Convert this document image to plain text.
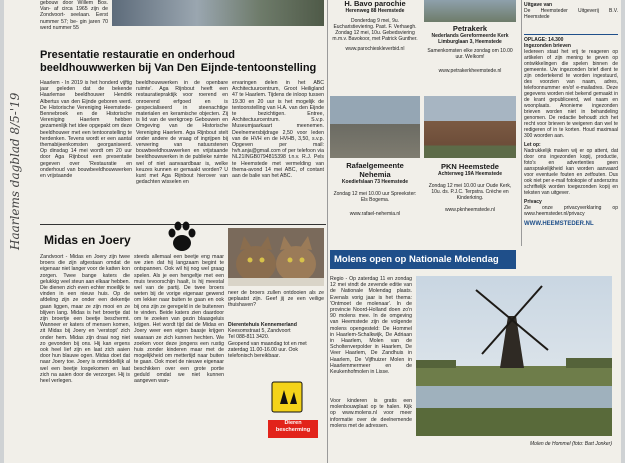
Haarlems dagblad 8/5-'19
gebouw door Willem Bos. Van- af circa 1965 zijn de Zondvoort- seelaan. Eerst nummer 57; be- gin jaren 70 werd nummer 55
H. Bavo parochie
Herenweg 88 Heemstede
Donderdag 9 mei, 9u. Eucharistieviering. Past. F. Verhaegh. Zondag 12 mei, 10u. Gebedsviering m.m.v. Bavokoor, met Patrick Gunther.
www.parochieskleverbid.nl
Petrakerk
Nederlands Gereformeerde Kerk Limburglaan 3, Heemstede
Samenkomsten elke zondag om 10.00 uur. Welkom!
www.petrakerkheemstede.nl
Presentatie restauratie en onderhoud beeldhouwwerken bij Van Den Eijnde-tentoonstelling
Haarlem - In 2019 is het honderd vijftig jaar geleden dat de bekende Haarlemse beeldhouwer Hendrik Albertus van den Eijnde geboren werd. De Historische Vereniging Heemstede-Bennebroek en de Historische Vereniging Haerlem hebben gezamenlijk het idee opgepakt om deze beeldhouwer met een tentoonstelling te herdenken. Tevens wordt er een aantal themabijeenkomsten georganiseerd. Op dinsdag 14 mei wordt om 20 uur door Aga Rijnbout een presentatie gegeven over 'Restauratie en onderhoud van bouwbeeldhouwwerken en vrijstaande
beeldhouwwerken in de openbare ruimte'. Aga Rijnbout heeft een restauratiepraktijk voor roerend en onroerend erfgoed en is gespecialiseerd in steenachtige materialen en keramische objecten. Zij is lid van de werkgroep Gebouwen en Omgeving van de Historische Vereniging Haerlem. Aga Rijnbout stelt onder andere de vraag of ingrijpen bij verwering van natuurstenen bouwbeeldhouwwerken en vrijstaande beeldhouwwerken in de publieke ruimte wel of niet aanvaardbaar is, welke keuzes kunnen er gemaakt worden? U kunt met Aga Rijnbout hierover van gedachten wisselen en
ervaringen delen in het ABC Architectuurcentrum, Groot Heiligland 47 te Haarlem. Tijdens de inloop tussen 19.30 en 20 uur is het mogelijk de tentoonstelling van H.A. van den Eijnde te bezichtigen. Entree, Architectuurcentrum. S.v.p. Museumjaarkaart meenemen. Deelnemersbijdrage 2,50 voor leden van de HVH en de HVHB, 3,50, s.v.p. Opgeven per mail: hvh.anja@gmail.com of per telefoon via NL21INGB0794815398 t.n.v. R.J. Pels te Heemstede met vermelding van thema-avond 14 mei ABC, of contant aan de balie van het ABC.
Midas en Joery
Zandvoort - Midas en Joery zijn twee broers die zijn afgestaan omdat de eigenaar niet langer voor de katten kon zorgen. Twee bange katers die gelukkig veel steun aan elkaar hebben. Die dienen zich even echter moeilijk te vinden in een nieuw huis. Op de afdeling zijn ze onder een dekentje gaan liggen, maar ze zijn mooi en ze blijven lang. Midas is het broertje dat zijn broertje een beetje beschermt. Wanneer er katers of mensen komen, zit Midas bij Joery en 'verstopt' zich onder hem. Midas zijn draai nog niet zo gevonden bij ons. Hij kan ergens ook heel lief zijn en laat zich aaien door hun blauwe ogen. Midas doet dat naar Joery toe. Joery is onmiddellijk al wel een beetje losgekomen en laat zich na aaien door de verzorger. Hij is heel verlegen.
steeds allemaal een beetje eng maar we zien dat hij langzaam begint te ontspannen. Ook wil hij nog wel graag spelen. Als je een hengeltje met een muis tevoorschijn haalt, is hij meestal wel van de partij. De twee broers weten bij de vorige eigenaar gewend om lekker naar buiten te gaan en ook bij ons zijn ze geregeld in de buitenren te vinden. Beide katers zien daardoor om te zoeken van gezin blaasgeluis krijgen. Het wordt tijd dat de Midas en Joery weer een eigen baasje krijgen waaraan ze zich kunnen hechten. We zoeken voor deze jongens een rustig huis zonder kinderen maar met de mogelijkheid om mettertijd naar buiten te gaan. Ook moet de nieuwe eigenaar beschikken over een grote portie geduld omdat we niet kunnen aangeven wan-
neer de broers zullen ontdooien als ze geplaatst zijn. Geef jij ze een veilige thuishaven?
Dierentehuis Kennemerland
Keesomstraat 5, Zandvoort
Tel 088-811 3420.
Geopend van maandag tot en met zaterdag 11.00-16.00 uur. Ook telefonisch bereikbaar.
Dieren bescherming
Rafaelgemeente Nehemia
Koediefslaan 73 Heemstede
Zondag 12 mei 10.00 uur Spreekster: Els Bogema.
www.rafael-nehemia.nl
PKN Heemstede
Achterweg 19A Heemstede
Zondag 12 mei 10.00 uur Oude Kerk, 10u. ds. P.J.C. Terpstra. Crèche en Kinderkring.
www.pknheemstede.nl
Molens open op Nationale Molendag
Regio - Op zaterdag 11 en zondag 12 mei vindt de zevende editie van de Nationale Molendag plaats. Evenals vorig jaar is het thema: 'Ontmoet de molenaar'. In de provincie Noord-Holland doen zo'n 90 molens mee. In de omgeving van Heemstede zijn de volgende molens opengesteld: De Hommel in Haarlem-Schalkwijk, De Adriaan in Haarlem, Molen van de Scholtenverpolder in Haarlem, De Veer Haarlem, De Zandhuis in Haarlem, De Vijfhuizer Molen in Haarlemmermeer en de Keukenhofmolen in Lisse.
Voor kinderen is gratis een molenbouwplaat op te halen. Kijk op www.molens.nl voor meer informatie over de deelnemende molens met de adressen.
Molen de Hommel (foto: Bart Jonker)
Uitgave van
De Heemsteder Uitgeverij B.V. Heemstede
OPLAGE: 14.300
Ingezonden brieven
Iedereen staat het vrij te reageren op artikelen of zijn mening te geven op ontwikkelingen die spelen binnen de gemeente. Uw ingezonden brief dient te zijn ondertekend te worden ingestuurd, des voorzien van naam, adres, telefoonnummer en/of e-mailadres. Deze gegevens worden niet bekend gemaakt in de krant gepubliceerd, wel naam en woonplaats. Anonieme ingezonden brieven worden niet in behandeling genomen. De redactie behoudt zich het recht voor brieven te weigeren dan wel te redigeren of in te korten. Houd maximaal 300 woorden aan.
Let op:
Nadrukkelijk maken wij er op attent, dat door ons ingezonden kopij, productie, foto's en advertenties geen aansprakelijkheid kan worden aanvaard voor eventuele fouten en zetfouten. Dus ook niet per e-mail fotokopie of anderszins schriftelijk worden toegezonden kopij en teksten van uitgever.
Privacy
Zie onze privacyverklaring op www.heemsteder.nl/privacy
WWW.HEEMSTEDER.NL
